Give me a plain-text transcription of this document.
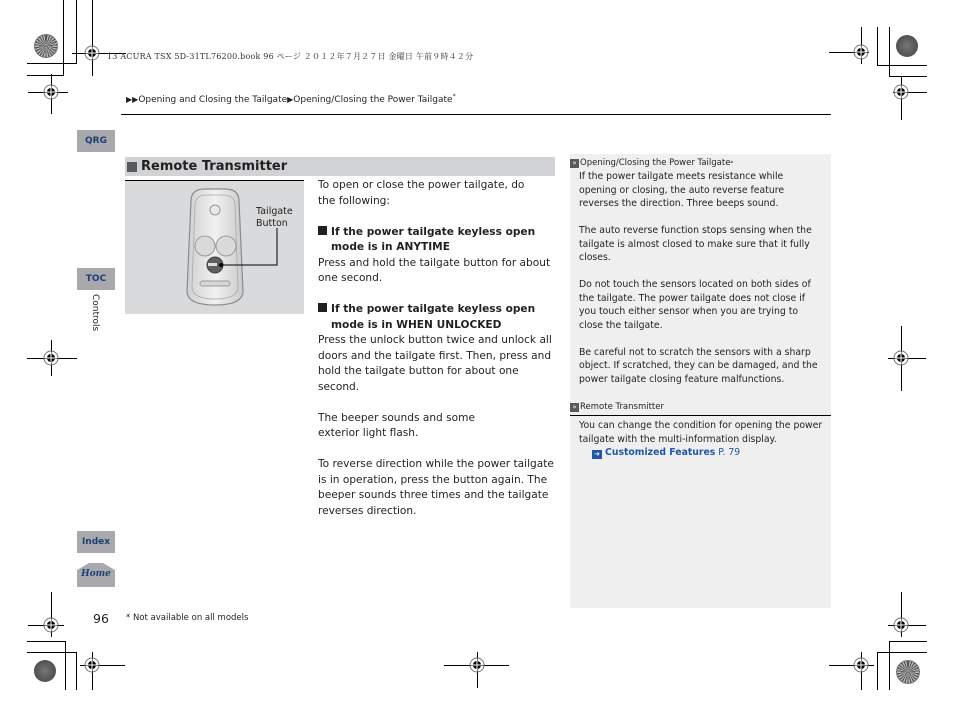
13 ACURA TSX 5D-31TL76200.book 96 ページ ２０１２年７月２７日 金曜日 午前９時４２分
▶▶Opening and Closing the Tailgate▶Opening/Closing the Power Tailgate*
QRG
TOC
Controls
Index
Home
Remote Transmitter
Tailgate
Button

To open or close the power tailgate, do the following:

If the power tailgate keyless open
mode is in ANYTIME

Press and hold the tailgate button for about one second.

If the power tailgate keyless open
mode is in WHEN UNLOCKED

Press the unlock button twice and unlock all doors and the tailgate first. Then, press and hold the tailgate button for about one second.

The beeper sounds and some exterior light flash.

To reverse direction while the power tailgate is in operation, press the button again. The beeper sounds three times and the tailgate reverses direction.

» Opening/Closing the Power Tailgate *

If the power tailgate meets resistance while opening or closing, the auto reverse feature reverses the direction. Three beeps sound.

The auto reverse function stops sensing when the tailgate is almost closed to make sure that it fully closes.

Do not touch the sensors located on both sides of the tailgate. The power tailgate does not close if you touch either sensor when you are trying to close the tailgate.

Be careful not to scratch the sensors with a sharp object. If scratched, they can be damaged, and the power tailgate closing feature malfunctions.

» Remote Transmitter

You can change the condition for opening the power tailgate with the multi-information display.

➔ Customized Features P. 79

96 * Not available on all models
